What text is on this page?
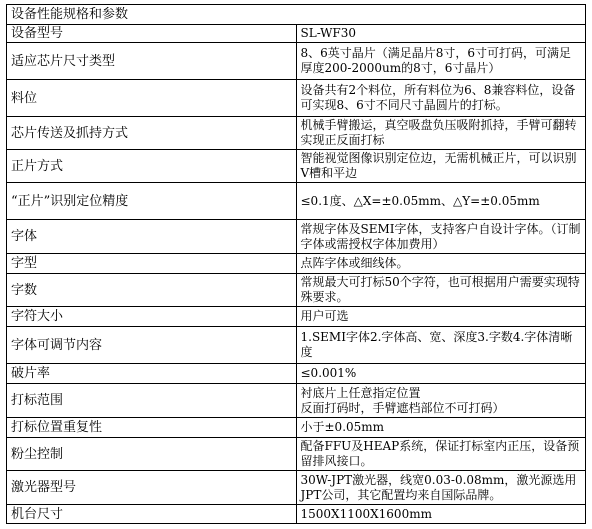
设备性能规格和参数	
设备型号	SL-WF30
适应芯片尺寸类型	8、6英寸晶片（满足晶片8寸，6寸可打码，可满足厚度200-2000um的8寸，6寸晶片）
料位	设备共有2个料位，所有料位为6、8兼容料位，设备可实现8、6寸不同尺寸晶圆片的打标。
芯片传送及抓持方式	机械手臂搬运，真空吸盘负压吸附抓持，手臂可翻转实现正反面打标
正片方式	智能视觉图像识别定位边，无需机械正片，可以识别V槽和平边
“正片”识别定位精度	≤0.1度、△X=±0.05mm、△Y=±0.05mm
字体	常规字体及SEMI字体，支持客户自设计字体。（订制字体或需授权字体加费用）
字型	点阵字体或细线体。
字数	常规最大可打标50个字符，也可根据用户需要实现特殊要求。
字符大小	用户可选
字体可调节内容	1.SEMI字体2.字体高、宽、深度3.字数4.字体清晰度
破片率	≤0.001%
打标范围	衬底片上任意指定位置
反面打码时，手臂遮档部位不可打码）
打标位置重复性	小于±0.05mm
粉尘控制	配备FFU及HEAP系统，保证打标室内正压，设备预留排风接口。
激光器型号	30W-JPT激光器，线宽0.03-0.08mm，激光源选用JPT公司，其它配置均来自国际品牌。
机台尺寸	1500X1100X1600mm
